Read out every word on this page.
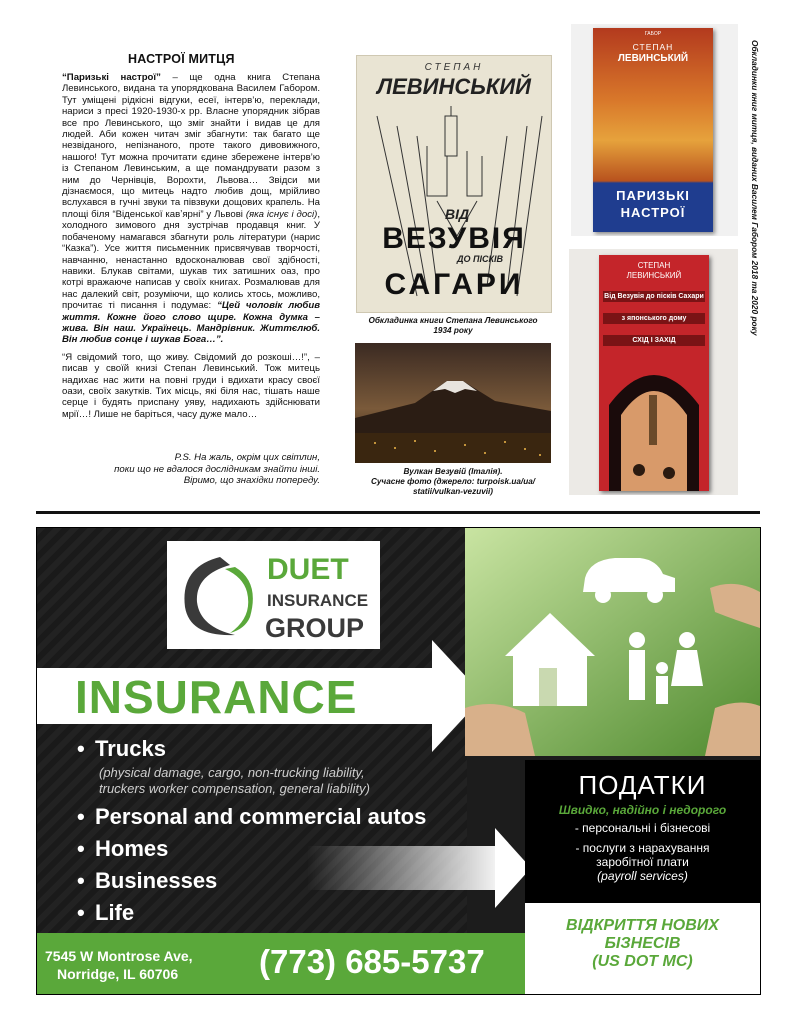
НАСТРОЇ МИТЦЯ

“Паризькі настрої” – ще одна книга Степана Левинського, видана та упорядкована Василем Габором. Тут умiщенi рiдкiснi вiдгуки, есеї, iнтерв’ю, переклади, нариси з пресi 1920-1930-х рр. Власне упорядник зiбрав все про Левинського, що змiг знайти i видав це для людей. Аби кожен читач змiг збагнути: так багато ще незвiданого, непiзнаного, проте такого дивовижного, нашого! Тут можна прочитати єдине збережене iнтерв’ю iз Степаном Левинським, а ще помандрувати разом з ним до Чернiвцiв, Ворохти, Львова… Звiдси ми дiзнаємося, що митець надто любив дощ, мрiйливо вслухався в гучнi звуки та пiвзвуки дощових крапель. На площi бiля “Вiденської кавʼярнi” у Львовi (яка iснує i досi), холодного зимового дня зустрiчав продавця книг. У побаченому намагався збагнути роль лiтератури (нарис “Казка”). Усе життя письменник присвячував творчостi, навчанню, ненастанно вдосконалював свої здiбностi, навики. Блукав свiтами, шукав тих затишних оаз, про котрi вражаюче написав у своїх книгах. Розмалював для нас далекий свiт, розумiючи, що колись хтось, можливо, прочитає тi писання i подумає: “Цей чоловiк любив життя. Кожне його слово щире. Кожна думка – жива. Вiн наш. Українець. Мандрiвник. Життєлюб. Вiн любив сонце i шукав Бога…”.

“Я свiдомий того, що живу. Свiдомий до розкошi…!”, – писав у своїй книзi Степан Левинський. Тож митець надихає нас жити на повнi груди i вдихати красу своєї оази, своїх закуткiв. Тих мiсць, якi бiля нас, тiшать наше серце i будять приспану уяву, надихають здiйснювати мрiї…! Лише не барiться, часу дуже мало…

P.S. На жаль, окрiм цих свiтлин,
поки що не вдалося дослiдникам знайти iншi.
Вiримо, що знахiдки попереду.
СТЕПАН
ЛЕВИНСЬКИЙ
ВIД
ВЕЗУВIЯ
ДО ПIСКIВ
САГАРИ
Обкладинка книги Степана Левинського
1934 року
Вулкан Везувiй (Iталiя).
Сучасне фото (джерело: turpoisk.ua/ua/
statii/vulkan-vezuvii)
ГАБОР
СТЕПАН
ЛЕВИНСЬКИЙ
ПАРИЗЬКI
НАСТРОЇ
СТЕПАН
ЛЕВИНСЬКИЙ
Вiд Везувiя до пiскiв Сахари
з японського дому
СХIД I ЗАХIД
Обкладинки книг митця, виданих Василем Габором 2018 та 2020 року
DUET
INSURANCE
GROUP
INSURANCE
• Trucks
(physical damage, cargo, non-trucking liability,
truckers worker compensation, general liability)
• Personal and commercial autos
• Homes
• Businesses
• Life
ПОДАТКИ
Швидко, надiйно i недорого
- персональнi i бiзнесовi
- послуги з нарахування
заробiтної плати
(payroll services)
7545 W Montrose Ave,
Norridge, IL 60706	(773) 685-5737
ВIДКРИТТЯ НОВИХ
БIЗНЕСIВ
(US DOT MC)
